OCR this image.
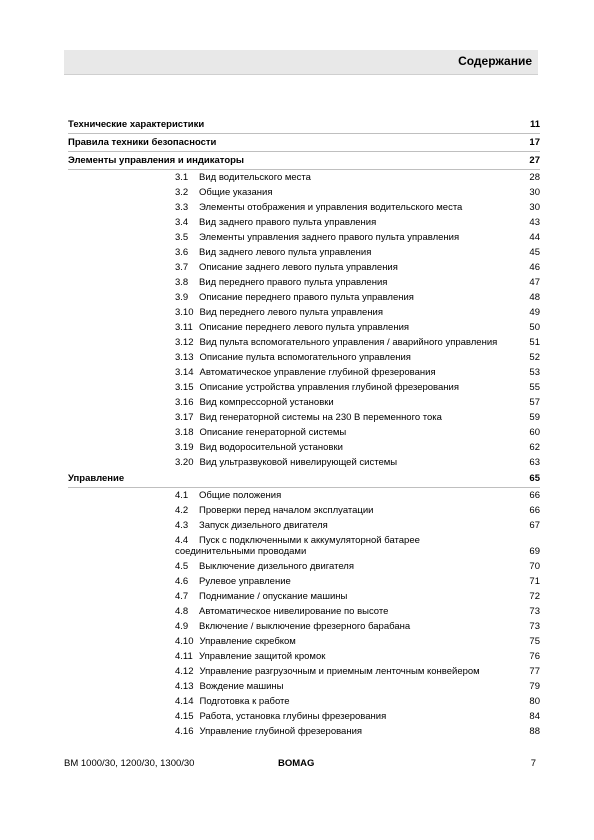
Содержание
Технические характеристики	11
Правила техники безопасности	17
Элементы управления и индикаторы	27
3.1 Вид водительского места	28
3.2 Общие указания	30
3.3 Элементы отображения и управления водительского места	30
3.4 Вид заднего правого пульта управления	43
3.5 Элементы управления заднего правого пульта управления	44
3.6 Вид заднего левого пульта управления	45
3.7 Описание заднего левого пульта управления	46
3.8 Вид переднего правого пульта управления	47
3.9 Описание переднего правого пульта управления	48
3.10 Вид переднего левого пульта управления	49
3.11 Описание переднего левого пульта управления	50
3.12 Вид пульта вспомогательного управления / аварийного управления	51
3.13 Описание пульта вспомогательного управления	52
3.14 Автоматическое управление глубиной фрезерования	53
3.15 Описание устройства управления глубиной фрезерования	55
3.16 Вид компрессорной установки	57
3.17 Вид генераторной системы на 230 В переменного тока	59
3.18 Описание генераторной системы	60
3.19 Вид водоросительной установки	62
3.20 Вид ультразвуковой нивелирующей системы	63
Управление	65
4.1 Общие положения	66
4.2 Проверки перед началом эксплуатации	66
4.3 Запуск дизельного двигателя	67
4.4 Пуск с подключенными к аккумуляторной батарее соединительными проводами	69
4.5 Выключение дизельного двигателя	70
4.6 Рулевое управление	71
4.7 Поднимание / опускание машины	72
4.8 Автоматическое нивелирование по высоте	73
4.9 Включение / выключение фрезерного барабана	73
4.10 Управление скребком	75
4.11 Управление защитой кромок	76
4.12 Управление разгрузочным и приемным ленточным конвейером	77
4.13 Вождение машины	79
4.14 Подготовка к работе	80
4.15 Работа, установка глубины фрезерования	84
4.16 Управление глубиной фрезерования	88
BM 1000/30, 1200/30, 1300/30	BOMAG	7
